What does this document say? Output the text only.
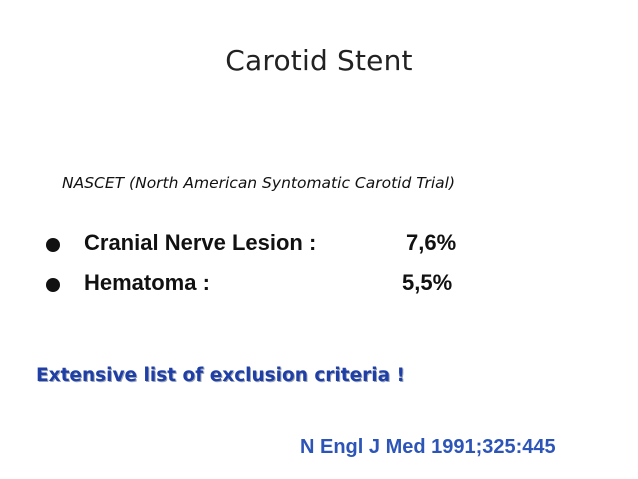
Carotid Stent
NASCET (North American Syntomatic Carotid Trial)
Cranial Nerve Lesion :	7,6%
Hematoma :	5,5%
Extensive list of exclusion criteria !
N Engl J Med 1991;325:445
